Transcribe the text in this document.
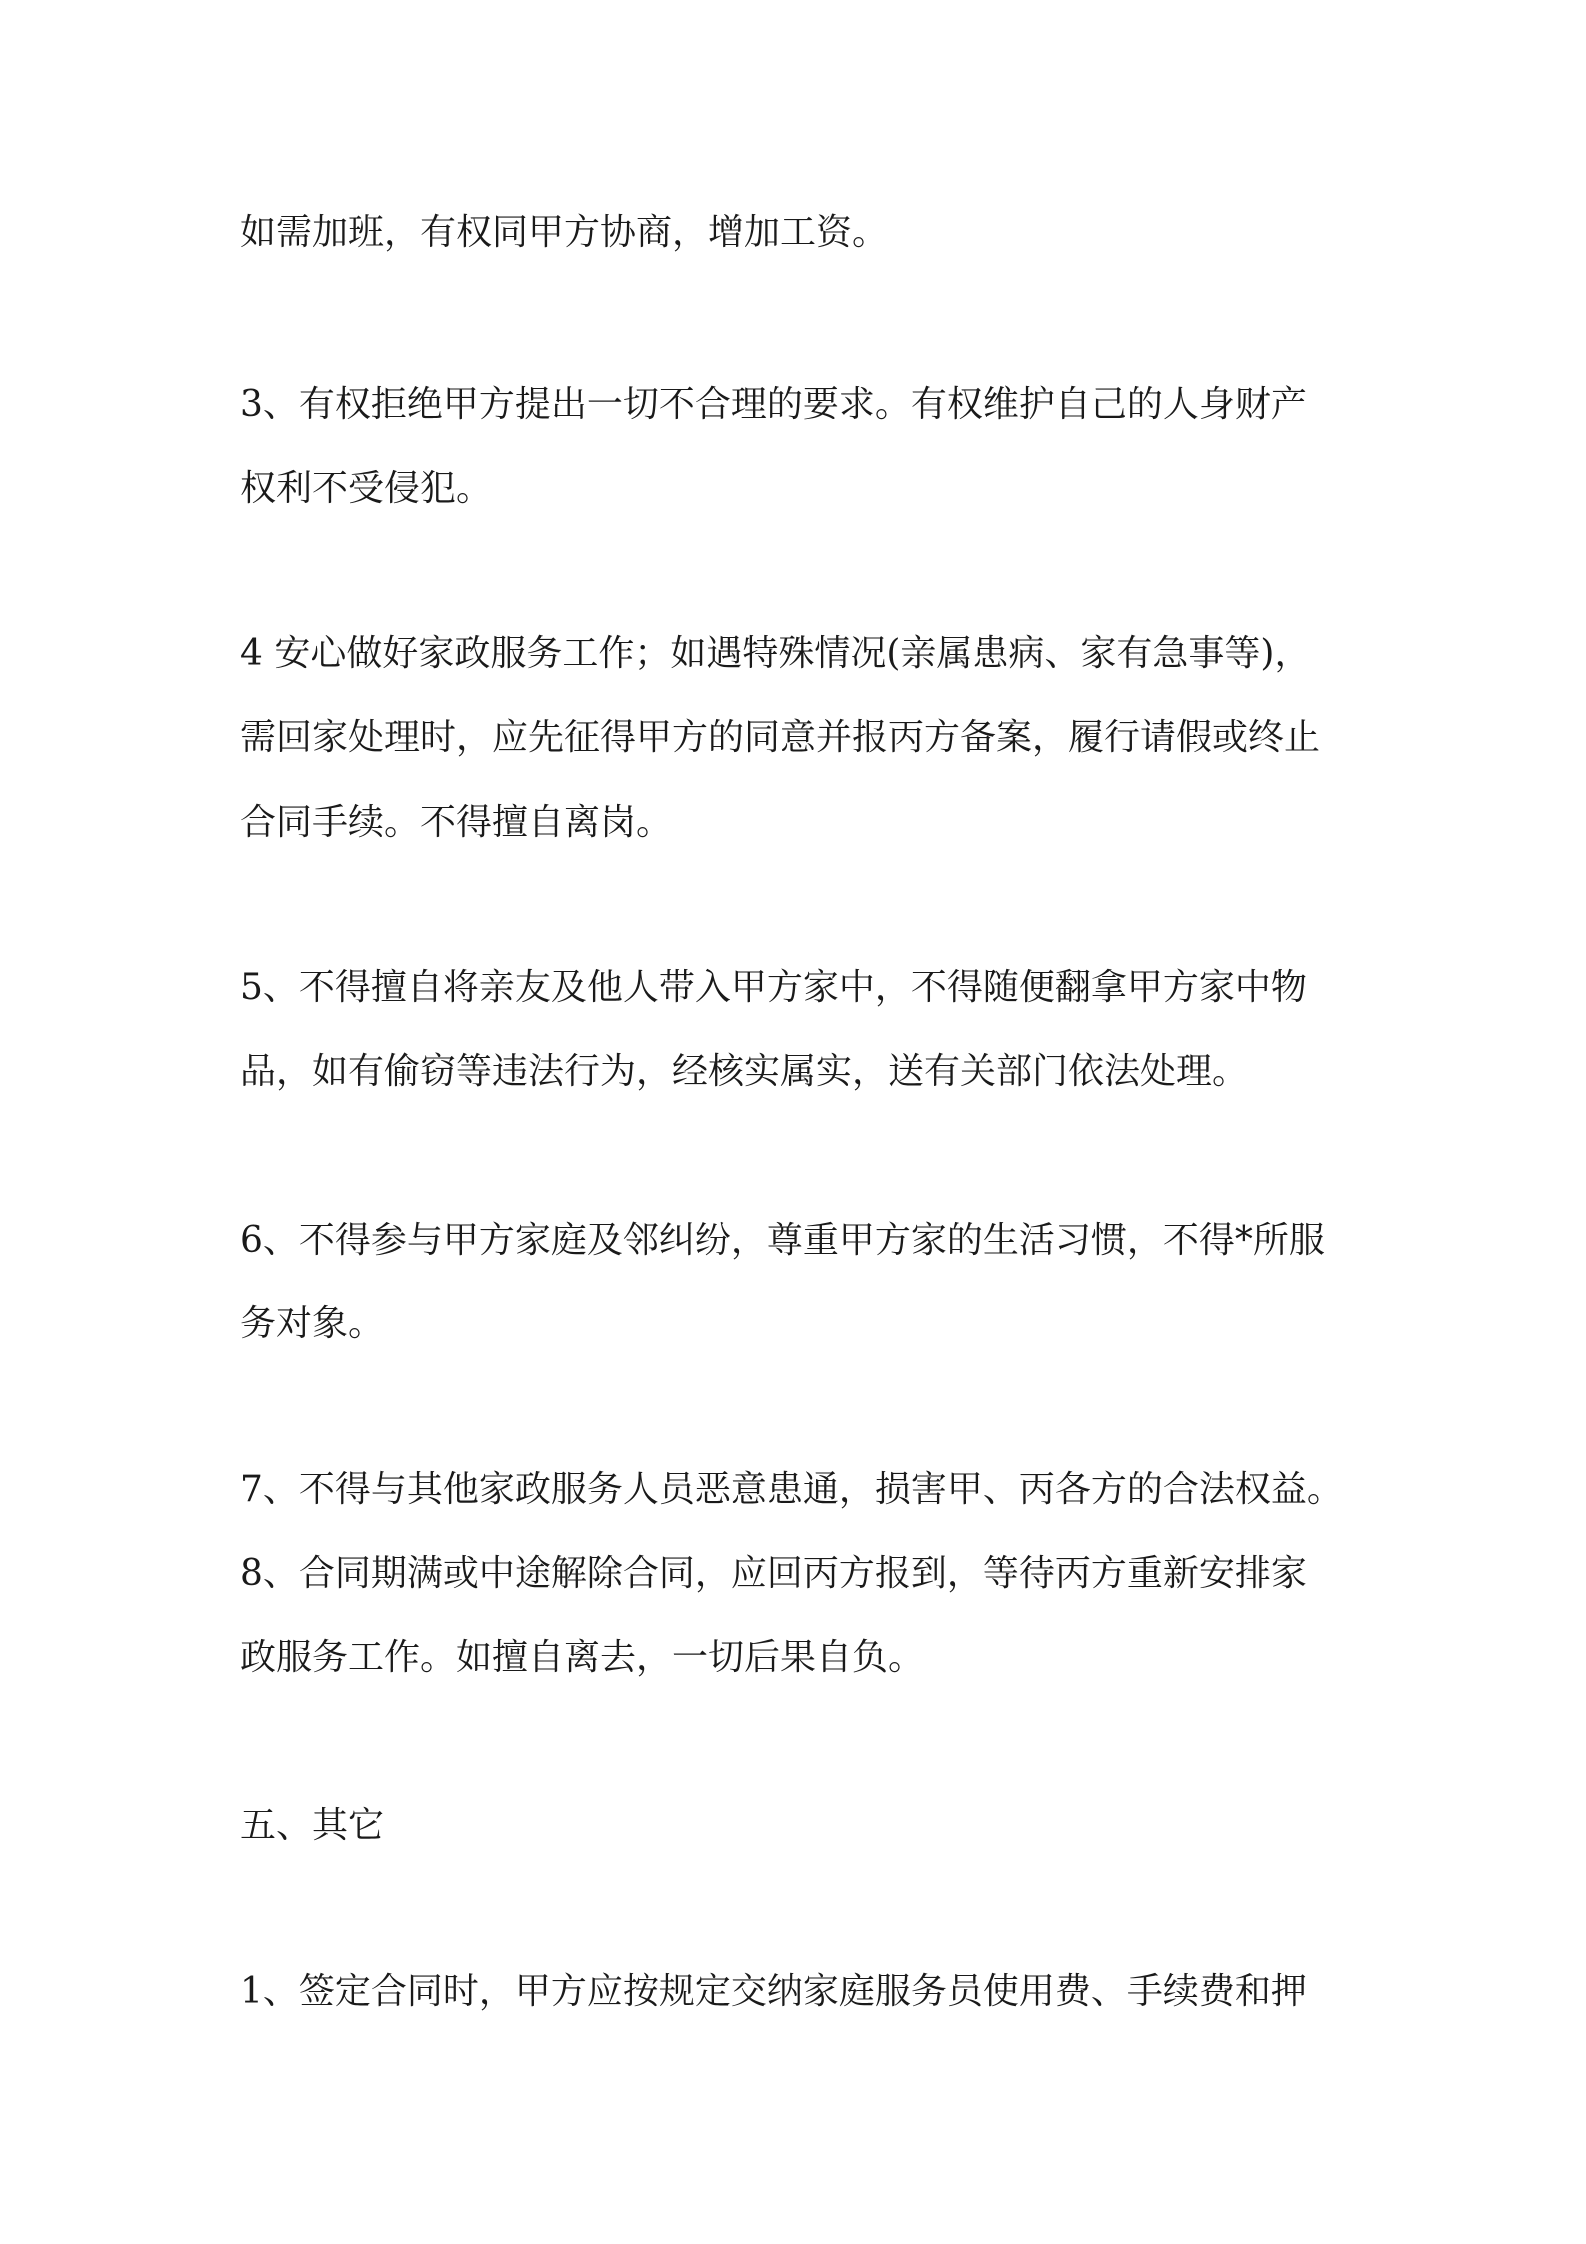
如需加班，有权同甲方协商，增加工资。
3、有权拒绝甲方提出一切不合理的要求。有权维护自己的人身财产
权利不受侵犯。
4 安心做好家政服务工作；如遇特殊情况(亲属患病、家有急事等)，
需回家处理时，应先征得甲方的同意并报丙方备案，履行请假或终止
合同手续。不得擅自离岗。
5、不得擅自将亲友及他人带入甲方家中，不得随便翻拿甲方家中物
品，如有偷窃等违法行为，经核实属实，送有关部门依法处理。
6、不得参与甲方家庭及邻纠纷，尊重甲方家的生活习惯，不得*所服
务对象。
7、不得与其他家政服务人员恶意患通，损害甲、丙各方的合法权益。
8、合同期满或中途解除合同，应回丙方报到，等待丙方重新安排家
政服务工作。如擅自离去，一切后果自负。
五、其它
1、签定合同时，甲方应按规定交纳家庭服务员使用费、手续费和押
